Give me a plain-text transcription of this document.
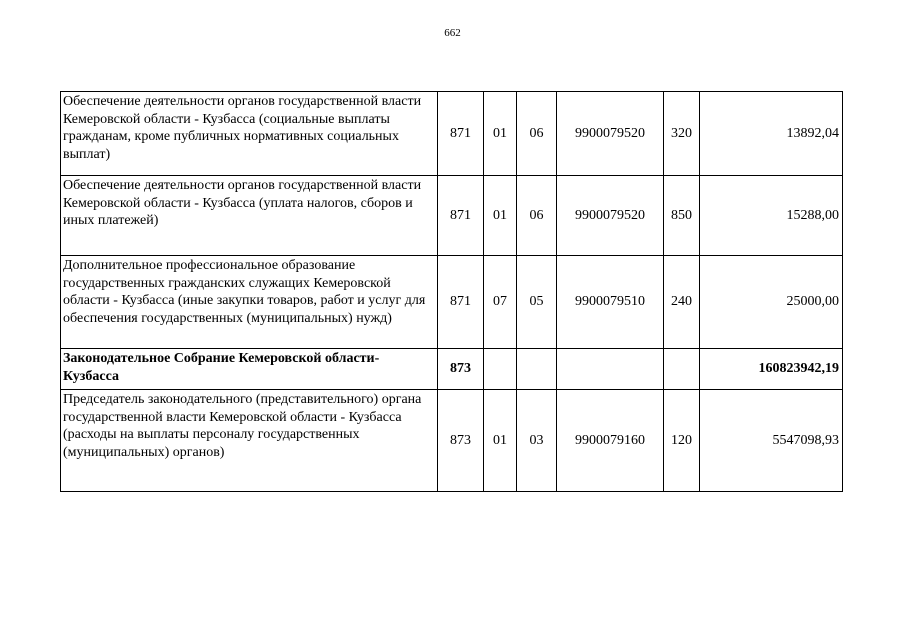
662
Обеспечение деятельности органов государственной власти Кемеровской области - Кузбасса (социальные выплаты гражданам, кроме публичных нормативных социальных выплат)	871	01	06	9900079520	320	13892,04
Обеспечение деятельности органов государственной власти Кемеровской области - Кузбасса (уплата налогов, сборов и иных платежей)	871	01	06	9900079520	850	15288,00
Дополнительное профессиональное образование государственных гражданских служащих Кемеровской области - Кузбасса (иные закупки товаров, работ и услуг для обеспечения государственных (муниципальных) нужд)	871	07	05	9900079510	240	25000,00
Законодательное Собрание Кемеровской области-Кузбасса	873					160823942,19
Председатель законодательного (представительного) органа государственной власти Кемеровской области - Кузбасса (расходы на выплаты персоналу государственных (муниципальных) органов)	873	01	03	9900079160	120	5547098,93
